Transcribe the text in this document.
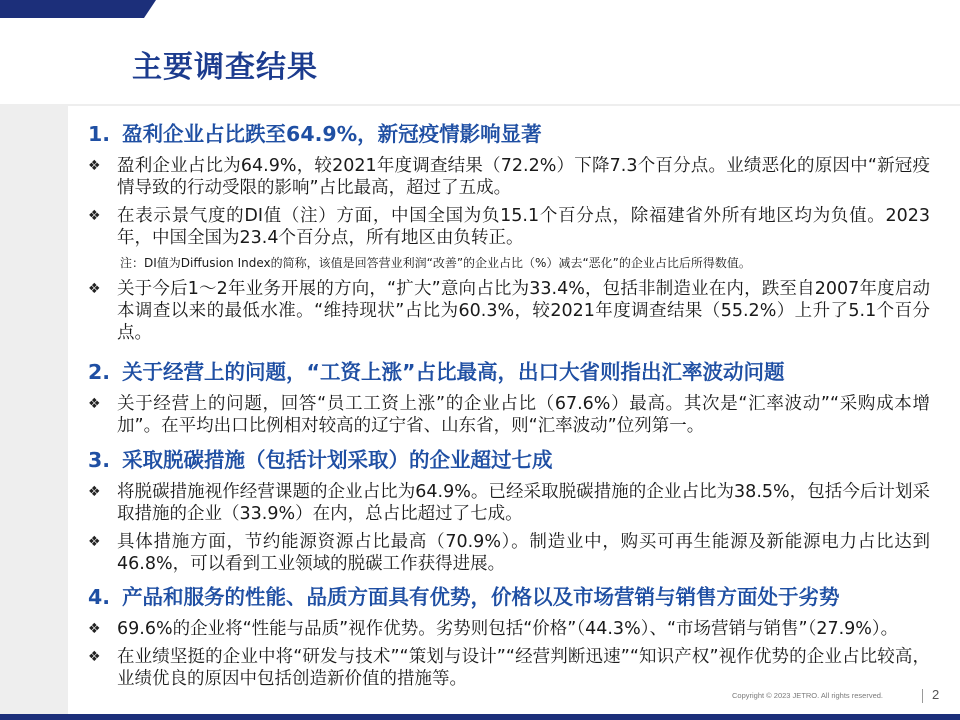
主要调查结果
1. 盈利企业占比跌至64.9%，新冠疫情影响显著
❖ 盈利企业占比为64.9%，较2021年度调查结果（72.2%）下降7.3个百分点。业绩恶化的原因中“新冠疫情导致的行动受限的影响”占比最高，超过了五成。
❖ 在表示景气度的DI值（注）方面，中国全国为负15.1个百分点，除福建省外所有地区均为负值。2023年，中国全国为23.4个百分点，所有地区由负转正。
注：DI值为Diffusion Index的简称，该值是回答营业利润“改善”的企业占比（%）减去“恶化”的企业占比后所得数值。
❖ 关于今后1～2年业务开展的方向，“扩大”意向占比为33.4%，包括非制造业在内，跌至自2007年度启动本调查以来的最低水准。“维持现状”占比为60.3%，较2021年度调查结果（55.2%）上升了5.1个百分点。
2. 关于经营上的问题，“工资上涨”占比最高，出口大省则指出汇率波动问题
❖ 关于经营上的问题，回答“员工工资上涨”的企业占比（67.6%）最高。其次是“汇率波动”“采购成本增加”。在平均出口比例相对较高的辽宁省、山东省，则“汇率波动”位列第一。
3. 采取脱碳措施（包括计划采取）的企业超过七成
❖ 将脱碳措施视作经营课题的企业占比为64.9%。已经采取脱碳措施的企业占比为38.5%，包括今后计划采取措施的企业（33.9%）在内，总占比超过了七成。
❖ 具体措施方面，节约能源资源占比最高（70.9%）。制造业中，购买可再生能源及新能源电力占比达到46.8%，可以看到工业领域的脱碳工作获得进展。
4. 产品和服务的性能、品质方面具有优势，价格以及市场营销与销售方面处于劣势
❖ 69.6%的企业将“性能与品质”视作优势。劣势则包括“价格”（44.3%）、“市场营销与销售”（27.9%）。
❖ 在业绩坚挺的企业中将“研发与技术”“策划与设计”“经营判断迅速”“知识产权”视作优势的企业占比较高，业绩优良的原因中包括创造新价值的措施等。
Copyright © 2023 JETRO. All rights reserved.	2
